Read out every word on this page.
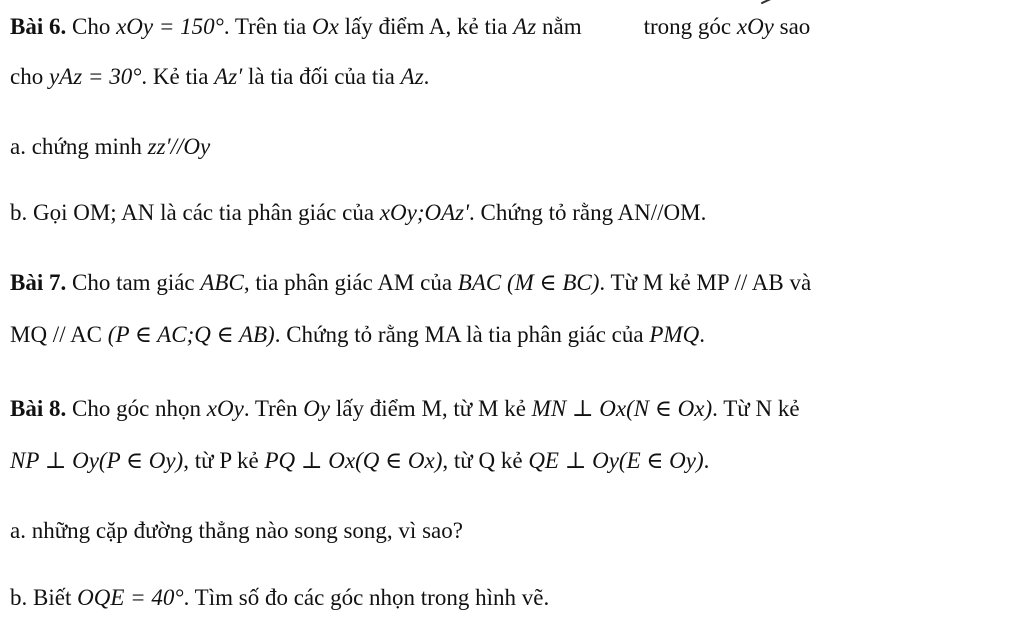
Bài 6. Cho xOy = 150°. Trên tia Ox lấy điểm A, kẻ tia Az nằm	trong góc xOy sao
cho yAz = 30°. Kẻ tia Az′ là tia đối của tia Az.
a. chứng minh zz′//Oy
b. Gọi OM; AN là các tia phân giác của xOy;OAz'. Chứng tỏ rằng AN//OM.
Bài 7. Cho tam giác ABC, tia phân giác AM của BAC (M ∈ BC). Từ M kẻ MP // AB và
MQ // AC (P ∈ AC;Q ∈ AB). Chứng tỏ rằng MA là tia phân giác của PMQ.
Bài 8. Cho góc nhọn xOy. Trên Oy lấy điểm M, từ M kẻ MN ⊥ Ox(N ∈ Ox). Từ N kẻ
NP ⊥ Oy(P ∈ Oy), từ P kẻ PQ ⊥ Ox(Q ∈ Ox), từ Q kẻ QE ⊥ Oy(E ∈ Oy).
a. những cặp đường thẳng nào song song, vì sao?
b. Biết OQE = 40°. Tìm số đo các góc nhọn trong hình vẽ.
